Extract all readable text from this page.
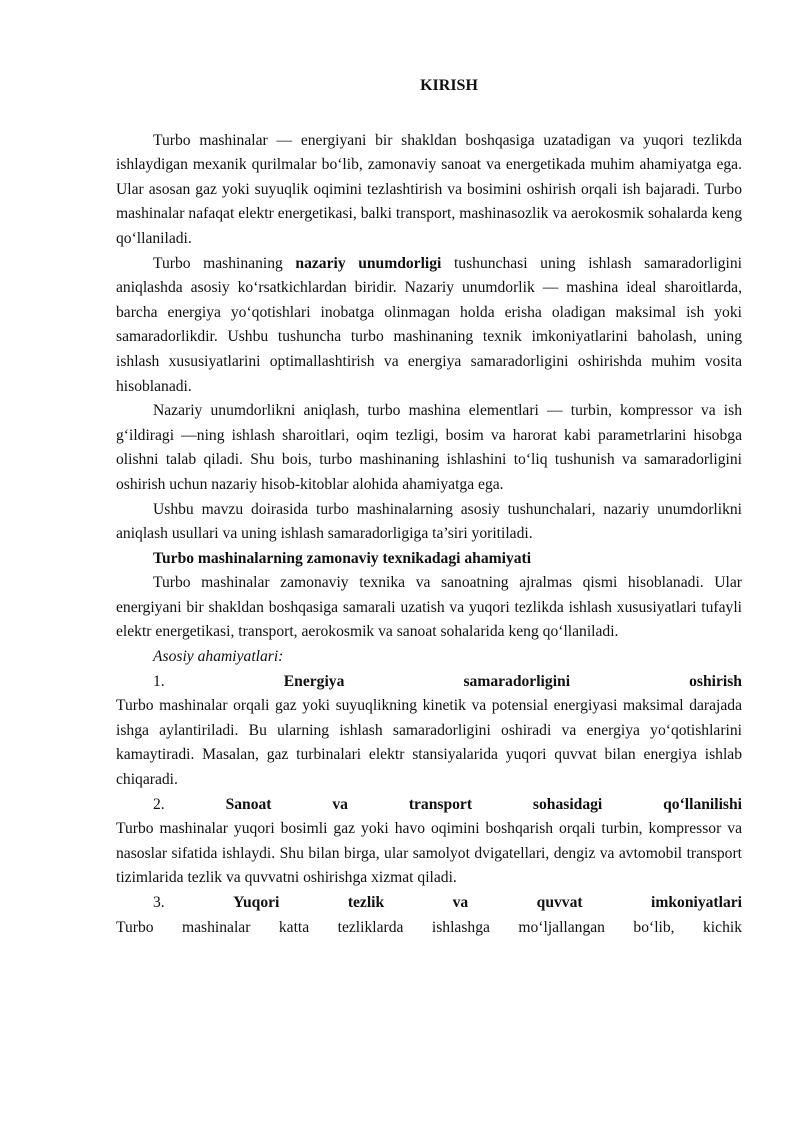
KIRISH

Turbo mashinalar — energiyani bir shakldan boshqasiga uzatadigan va yuqori tezlikda ishlaydigan mexanik qurilmalar bo‘lib, zamonaviy sanoat va energetikada muhim ahamiyatga ega. Ular asosan gaz yoki suyuqlik oqimini tezlashtirish va bosimini oshirish orqali ish bajaradi. Turbo mashinalar nafaqat elektr energetikasi, balki transport, mashinasozlik va aerokosmik sohalarda keng qo‘llaniladi.

Turbo mashinaning nazariy unumdorligi tushunchasi uning ishlash samaradorligini aniqlashda asosiy ko‘rsatkichlardan biridir. Nazariy unumdorlik — mashina ideal sharoitlarda, barcha energiya yo‘qotishlari inobatga olinmagan holda erisha oladigan maksimal ish yoki samaradorlikdir. Ushbu tushuncha turbo mashinaning texnik imkoniyatlarini baholash, uning ishlash xususiyatlarini optimallashtirish va energiya samaradorligini oshirishda muhim vosita hisoblanadi.

Nazariy unumdorlikni aniqlash, turbo mashina elementlari — turbin, kompressor va ish g‘ildiragi —ning ishlash sharoitlari, oqim tezligi, bosim va harorat kabi parametrlarini hisobga olishni talab qiladi. Shu bois, turbo mashinaning ishlashini to‘liq tushunish va samaradorligini oshirish uchun nazariy hisob-kitoblar alohida ahamiyatga ega.

Ushbu mavzu doirasida turbo mashinalarning asosiy tushunchalari, nazariy unumdorlikni aniqlash usullari va uning ishlash samaradorligiga ta’siri yoritiladi.

Turbo mashinalarning zamonaviy texnikadagi ahamiyati

Turbo mashinalar zamonaviy texnika va sanoatning ajralmas qismi hisoblanadi. Ular energiyani bir shakldan boshqasiga samarali uzatish va yuqori tezlikda ishlash xususiyatlari tufayli elektr energetikasi, transport, aerokosmik va sanoat sohalarida keng qo‘llaniladi.

Asosiy ahamiyatlari:

1.	Energiya	samaradorligini	oshirish

Turbo mashinalar orqali gaz yoki suyuqlikning kinetik va potensial energiyasi maksimal darajada ishga aylantiriladi. Bu ularning ishlash samaradorligini oshiradi va energiya yo‘qotishlarini kamaytiradi. Masalan, gaz turbinalari elektr stansiyalarida yuqori quvvat bilan energiya ishlab chiqaradi.

2.	Sanoat	va	transport	sohasidagi	qo‘llanilishi

Turbo mashinalar yuqori bosimli gaz yoki havo oqimini boshqarish orqali turbin, kompressor va nasoslar sifatida ishlaydi. Shu bilan birga, ular samolyot dvigatellari, dengiz va avtomobil transport tizimlarida tezlik va quvvatni oshirishga xizmat qiladi.

3.	Yuqori	tezlik	va	quvvat	imkoniyatlari

Turbo mashinalar katta tezliklarda ishlashga mo‘ljallangan bo‘lib, kichik
